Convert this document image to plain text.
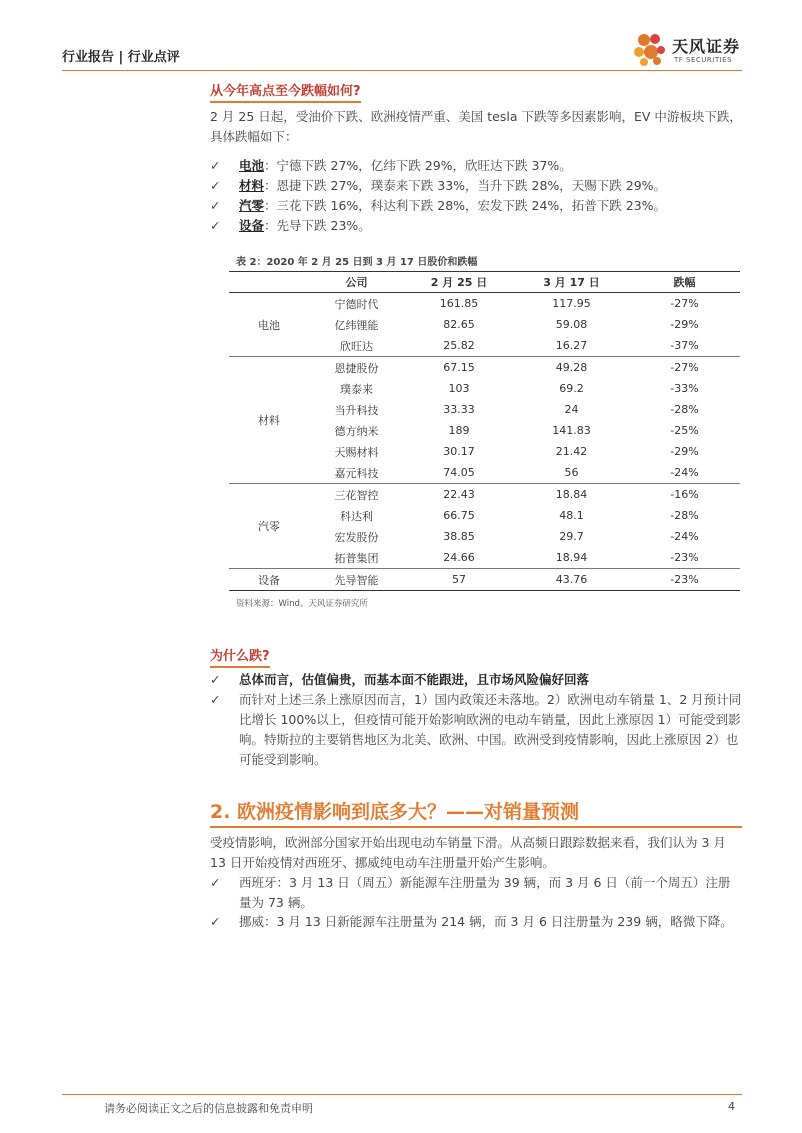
行业报告 | 行业点评
天风证券
TF SECURITIES
从今年高点至今跌幅如何?
2 月 25 日起，受油价下跌、欧洲疫情严重、美国 tesla 下跌等多因素影响，EV 中游板块下跌，具体跌幅如下：
✓ 电池：宁德下跌 27%，亿纬下跌 29%，欣旺达下跌 37%。
✓ 材料：恩捷下跌 27%，璞泰来下跌 33%，当升下跌 28%，天赐下跌 29%。
✓ 汽零：三花下跌 16%，科达利下跌 28%，宏发下跌 24%，拓普下跌 23%。
✓ 设备：先导下跌 23%。
表 2：2020 年 2 月 25 日到 3 月 17 日股价和跌幅
	公司	2 月 25 日	3 月 17 日	跌幅
电池	宁德时代	161.85	117.95	-27%
	亿纬锂能	82.65	59.08	-29%
	欣旺达	25.82	16.27	-37%
材料	恩捷股份	67.15	49.28	-27%
	璞泰来	103	69.2	-33%
	当升科技	33.33	24	-28%
	德方纳米	189	141.83	-25%
	天赐材料	30.17	21.42	-29%
	嘉元科技	74.05	56	-24%
汽零	三花智控	22.43	18.84	-16%
	科达利	66.75	48.1	-28%
	宏发股份	38.85	29.7	-24%
	拓普集团	24.66	18.94	-23%
设备	先导智能	57	43.76	-23%
资料来源：Wind、天风证券研究所
为什么跌?
✓ 总体而言，估值偏贵，而基本面不能跟进，且市场风险偏好回落
✓ 而针对上述三条上涨原因而言，1）国内政策还未落地。2）欧洲电动车销量 1、2 月预计同比增长 100%以上，但疫情可能开始影响欧洲的电动车销量，因此上涨原因 1）可能受到影响。特斯拉的主要销售地区为北美、欧洲、中国。欧洲受到疫情影响，因此上涨原因 2）也可能受到影响。
2. 欧洲疫情影响到底多大？——对销量预测
受疫情影响，欧洲部分国家开始出现电动车销量下滑。从高频日跟踪数据来看，我们认为 3 月 13 日开始疫情对西班牙、挪威纯电动车注册量开始产生影响。
✓ 西班牙：3 月 13 日（周五）新能源车注册量为 39 辆，而 3 月 6 日（前一个周五）注册量为 73 辆。
✓ 挪威：3 月 13 日新能源车注册量为 214 辆，而 3 月 6 日注册量为 239 辆，略微下降。
请务必阅读正文之后的信息披露和免责申明	4
